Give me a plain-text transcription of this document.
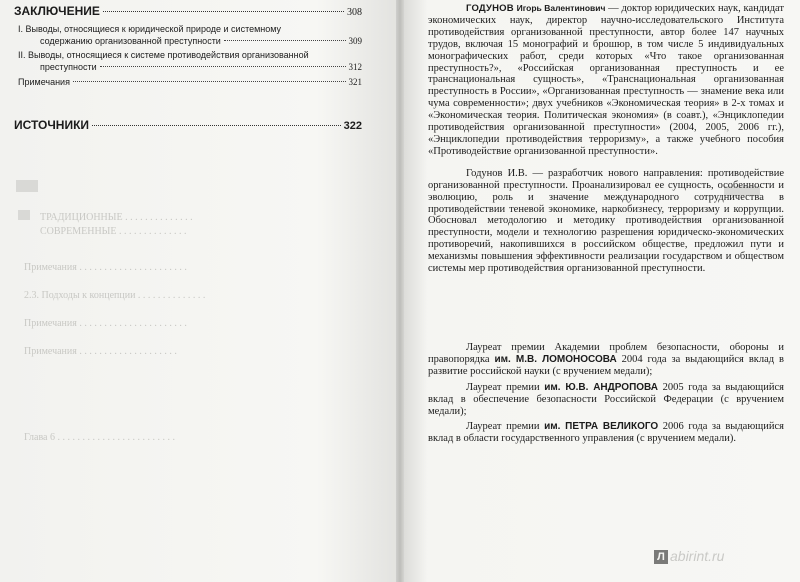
ТРАДИЦИОННЫЕ . . . . . . . . . . . . . .
СОВРЕМЕННЫЕ . . . . . . . . . . . . . .
Примечания . . . . . . . . . . . . . . . . . . . . . .
2.3. Подходы к концепции . . . . . . . . . . . . . .
Примечания . . . . . . . . . . . . . . . . . . . . . .
Примечания . . . . . . . . . . . . . . . . . . . .
Глава 6 . . . . . . . . . . . . . . . . . . . . . . . .
ЗАКЛЮЧЕНИЕ	308
I. Выводы, относящиеся к юридической природе и системному
содержанию организованной преступности	309
II. Выводы, относящиеся к системе противодействия организованной
преступности	312
Примечания	321
ИСТОЧНИКИ	322

ГОДУНОВ Игорь Валентинович — доктор юридических наук, кандидат экономических наук, директор научно-исследовательского Института противодействия организованной преступности, автор более 147 научных трудов, включая 15 монографий и брошюр, в том числе 5 индивидуальных монографических работ, среди которых «Что такое организованная преступность?», «Российская организованная преступность и ее транснациональная сущность», «Транснациональная организованная преступность в России», «Организованная преступность — знамение века или чума современности»; двух учебников «Экономическая теория» в 2-х томах и «Экономическая теория. Политическая экономия» (в соавт.), «Энциклопедии противодействия организованной преступности» (2004, 2005, 2006 гг.), «Энциклопедии противодействия терроризму», а также учебного пособия «Противодействие организованной преступности».

Годунов И.В. — разработчик нового направления: противодействие организованной преступности. Проанализировал ее сущность, особенности и эволюцию, роль и значение международного сотрудничества в противодействии теневой экономике, наркобизнесу, терроризму и коррупции. Обосновал методологию и методику противодействия организованной преступности, модели и технологию разрешения юридическо-экономических противоречий, накопившихся в российском обществе, предложил пути и механизмы повышения эффективности реализации государством и обществом системы мер противодействия организованной преступности.

Лауреат премии Академии проблем безопасности, обороны и правопорядка им. М.В. ЛОМОНОСОВА 2004 года за выдающийся вклад в развитие российской науки (с вручением медали);

Лауреат премии им. Ю.В. АНДРОПОВА 2005 года за выдающийся вклад в обеспечение безопасности Российской Федерации (с вручением медали);

Лауреат премии им. ПЕТРА ВЕЛИКОГО 2006 года за выдающийся вклад в области государственного управления (с вручением медали).

Л abirint.ru
